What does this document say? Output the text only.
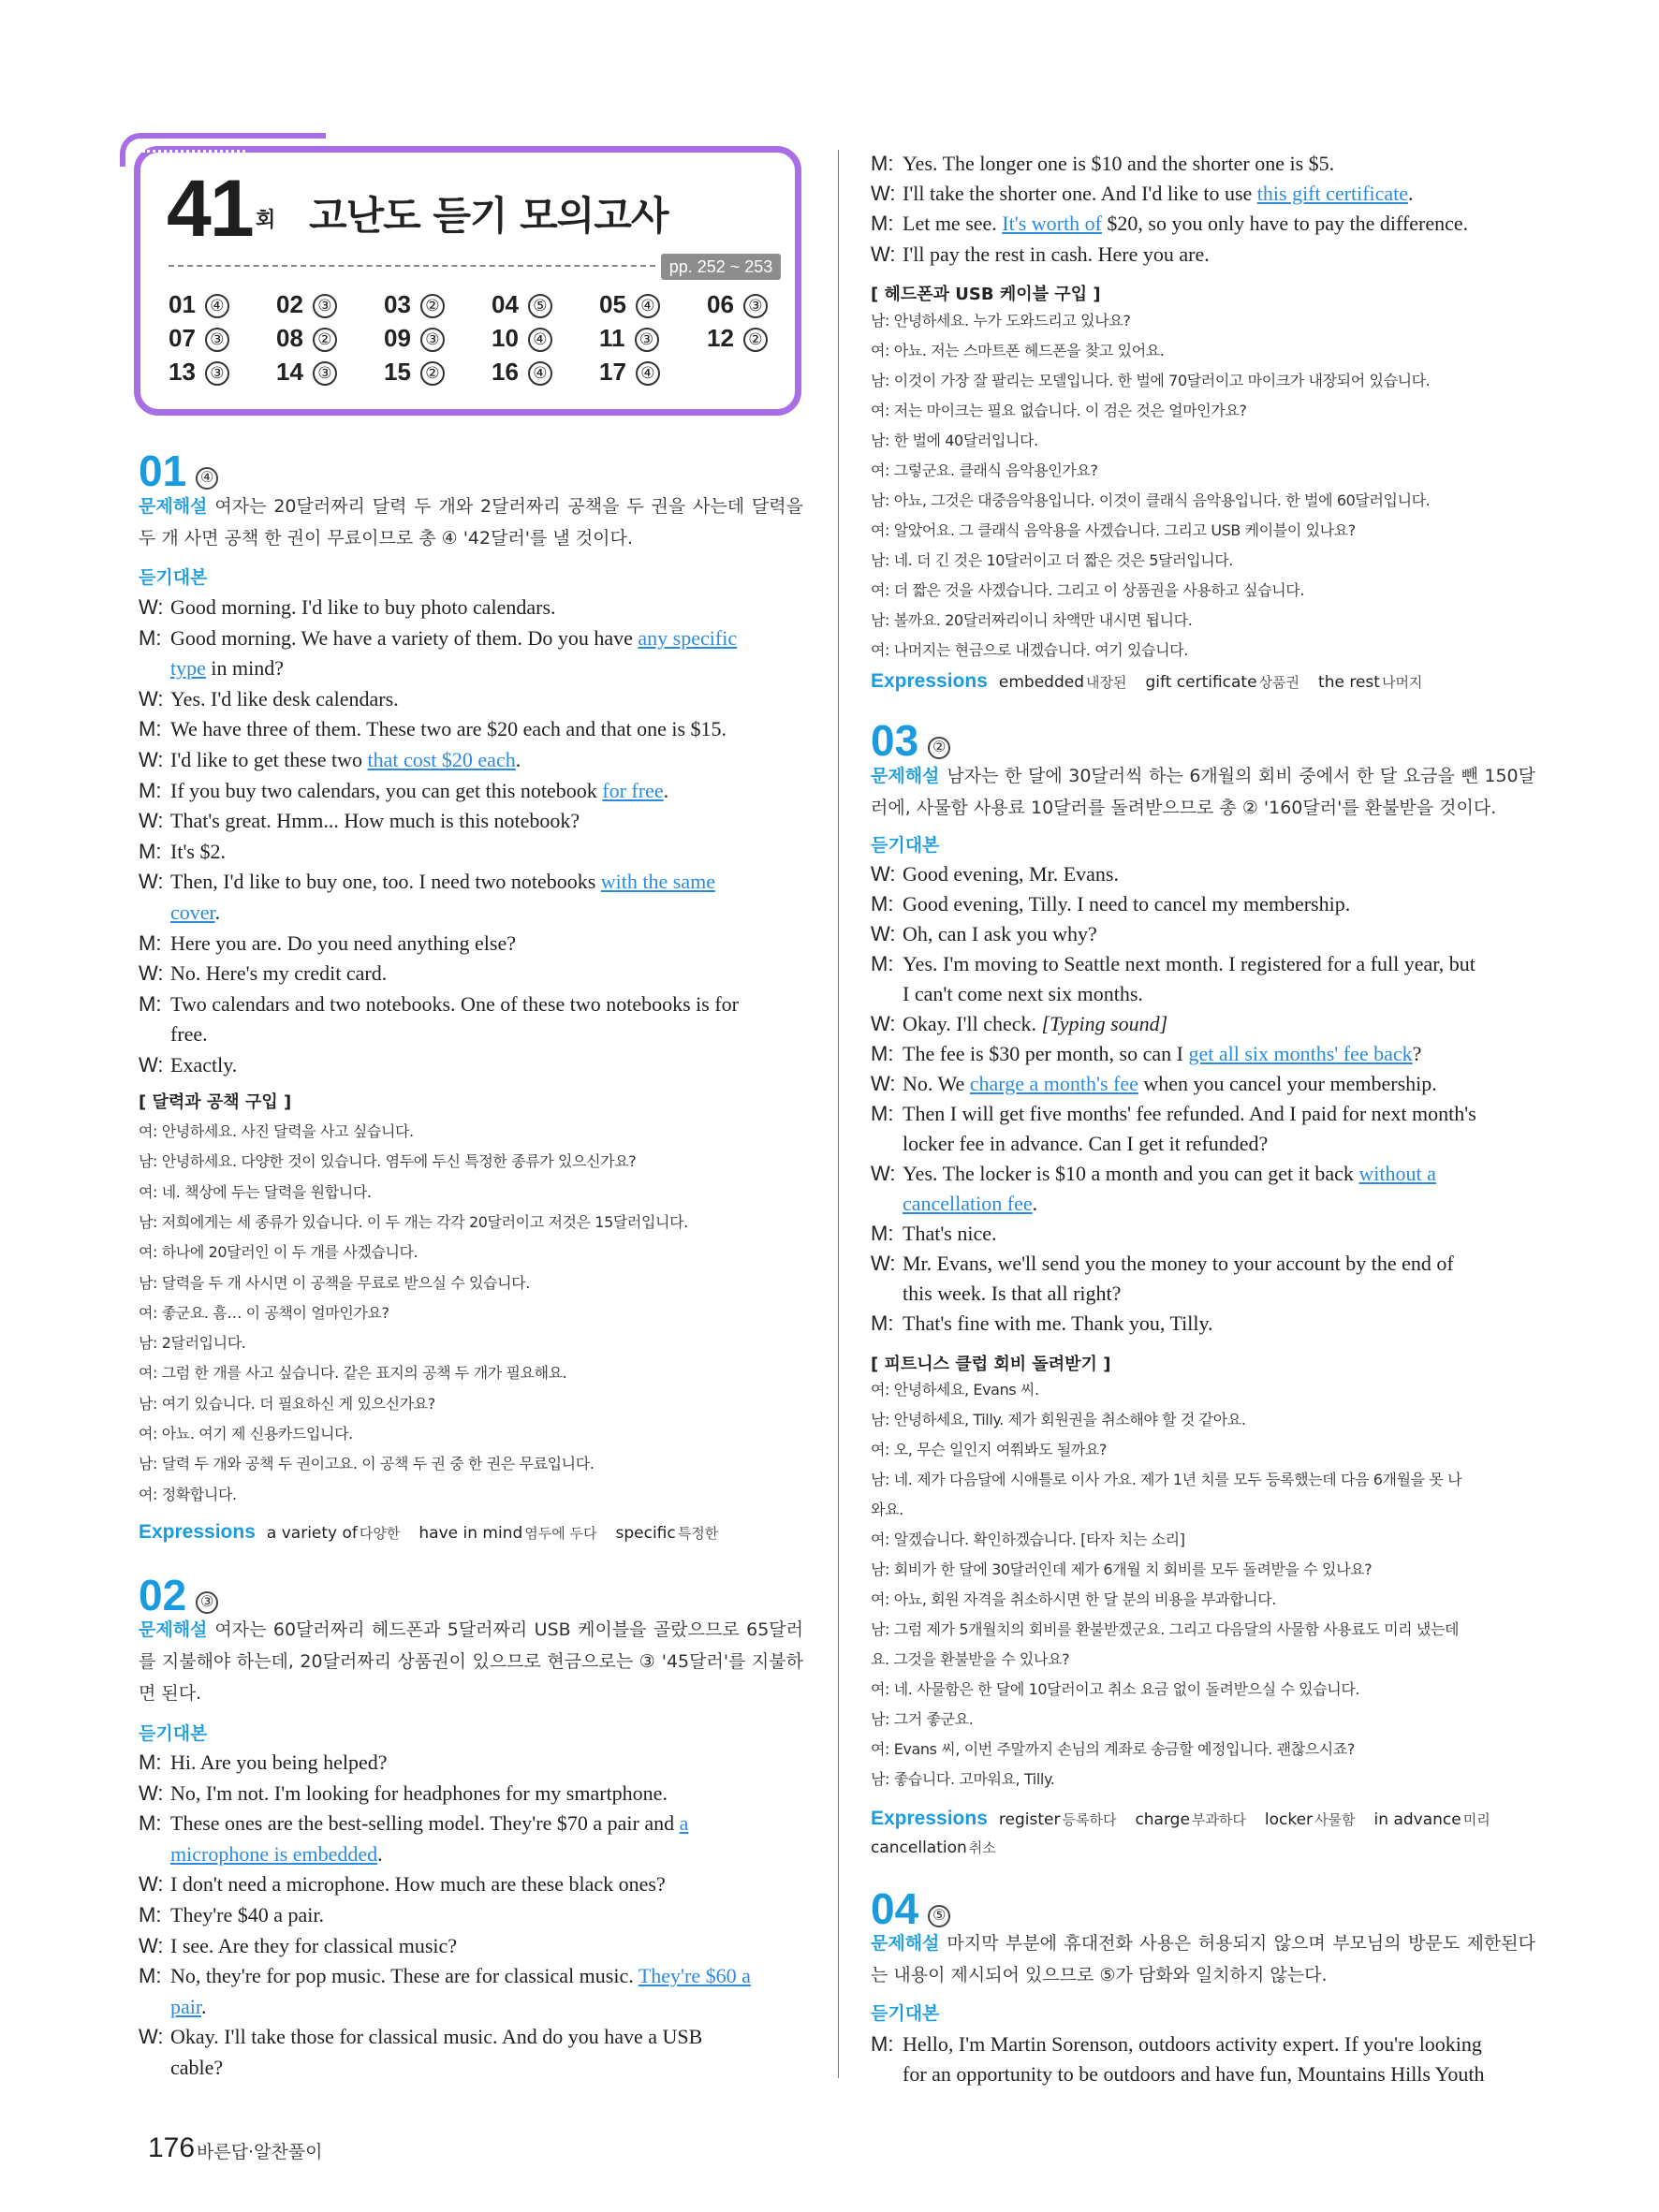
41 회 고난도 듣기 모의고사
pp. 252 ~ 253
01 ④ 02 ③ 03 ② 04 ⑤ 05 ④ 06 ③
07 ③ 08 ② 09 ③ 10 ④ 11 ③ 12 ②
13 ③ 14 ③ 15 ② 16 ④ 17 ④
01 ④
문제해설 여자는 20달러짜리 달력 두 개와 2달러짜리 공책을 두 권을 사는데 달력을 두 개 사면 공책 한 권이 무료이므로 총 ④ '42달러'를 낼 것이다.
듣기대본
W: Good morning. I'd like to buy photo calendars.
M: Good morning. We have a variety of them. Do you have any specific
type in mind?
W: Yes. I'd like desk calendars.
M: We have three of them. These two are $20 each and that one is $15.
W: I'd like to get these two that cost $20 each.
M: If you buy two calendars, you can get this notebook for free.
W: That's great. Hmm... How much is this notebook?
M: It's $2.
W: Then, I'd like to buy one, too. I need two notebooks with the same
cover.
M: Here you are. Do you need anything else?
W: No. Here's my credit card.
M: Two calendars and two notebooks. One of these two notebooks is for
free.
W: Exactly.
[ 달력과 공책 구입 ]
여: 안녕하세요. 사진 달력을 사고 싶습니다.
남: 안녕하세요. 다양한 것이 있습니다. 염두에 두신 특정한 종류가 있으신가요?
여: 네. 책상에 두는 달력을 원합니다.
남: 저희에게는 세 종류가 있습니다. 이 두 개는 각각 20달러이고 저것은 15달러입니다.
여: 하나에 20달러인 이 두 개를 사겠습니다.
남: 달력을 두 개 사시면 이 공책을 무료로 받으실 수 있습니다.
여: 좋군요. 흠… 이 공책이 얼마인가요?
남: 2달러입니다.
여: 그럼 한 개를 사고 싶습니다. 같은 표지의 공책 두 개가 필요해요.
남: 여기 있습니다. 더 필요하신 게 있으신가요?
여: 아뇨. 여기 제 신용카드입니다.
남: 달력 두 개와 공책 두 권이고요. 이 공책 두 권 중 한 권은 무료입니다.
여: 정확합니다.
Expressions a variety of 다양한 have in mind 염두에 두다 specific 특정한
02 ③
문제해설 여자는 60달러짜리 헤드폰과 5달러짜리 USB 케이블을 골랐으므로 65달러를 지불해야 하는데, 20달러짜리 상품권이 있으므로 현금으로는 ③ '45달러'를 지불하면 된다.
듣기대본
M: Hi. Are you being helped?
W: No, I'm not. I'm looking for headphones for my smartphone.
M: These ones are the best-selling model. They're $70 a pair and a
microphone is embedded.
W: I don't need a microphone. How much are these black ones?
M: They're $40 a pair.
W: I see. Are they for classical music?
M: No, they're for pop music. These are for classical music. They're $60 a
pair.
W: Okay. I'll take those for classical music. And do you have a USB
cable?
M: Yes. The longer one is $10 and the shorter one is $5.
W: I'll take the shorter one. And I'd like to use this gift certificate.
M: Let me see. It's worth of $20, so you only have to pay the difference.
W: I'll pay the rest in cash. Here you are.
[ 헤드폰과 USB 케이블 구입 ]
남: 안녕하세요. 누가 도와드리고 있나요?
여: 아뇨. 저는 스마트폰 헤드폰을 찾고 있어요.
남: 이것이 가장 잘 팔리는 모델입니다. 한 벌에 70달러이고 마이크가 내장되어 있습니다.
여: 저는 마이크는 필요 없습니다. 이 검은 것은 얼마인가요?
남: 한 벌에 40달러입니다.
여: 그렇군요. 클래식 음악용인가요?
남: 아뇨, 그것은 대중음악용입니다. 이것이 클래식 음악용입니다. 한 벌에 60달러입니다.
여: 알았어요. 그 클래식 음악용을 사겠습니다. 그리고 USB 케이블이 있나요?
남: 네. 더 긴 것은 10달러이고 더 짧은 것은 5달러입니다.
여: 더 짧은 것을 사겠습니다. 그리고 이 상품권을 사용하고 싶습니다.
남: 볼까요. 20달러짜리이니 차액만 내시면 됩니다.
여: 나머지는 현금으로 내겠습니다. 여기 있습니다.
Expressions embedded 내장된 gift certificate 상품권 the rest 나머지
03 ②
문제해설 남자는 한 달에 30달러씩 하는 6개월의 회비 중에서 한 달 요금을 뺀 150달러에, 사물함 사용료 10달러를 돌려받으므로 총 ② '160달러'를 환불받을 것이다.
듣기대본
W: Good evening, Mr. Evans.
M: Good evening, Tilly. I need to cancel my membership.
W: Oh, can I ask you why?
M: Yes. I'm moving to Seattle next month. I registered for a full year, but
I can't come next six months.
W: Okay. I'll check. [Typing sound]
M: The fee is $30 per month, so can I get all six months' fee back?
W: No. We charge a month's fee when you cancel your membership.
M: Then I will get five months' fee refunded. And I paid for next month's
locker fee in advance. Can I get it refunded?
W: Yes. The locker is $10 a month and you can get it back without a
cancellation fee.
M: That's nice.
W: Mr. Evans, we'll send you the money to your account by the end of
this week. Is that all right?
M: That's fine with me. Thank you, Tilly.
[ 피트니스 클럽 회비 돌려받기 ]
여: 안녕하세요, Evans 씨.
남: 안녕하세요, Tilly. 제가 회원권을 취소해야 할 것 같아요.
여: 오, 무슨 일인지 여쭤봐도 될까요?
남: 네. 제가 다음달에 시애틀로 이사 가요. 제가 1년 치를 모두 등록했는데 다음 6개월을 못 나
와요.
여: 알겠습니다. 확인하겠습니다. [타자 치는 소리]
남: 회비가 한 달에 30달러인데 제가 6개월 치 회비를 모두 돌려받을 수 있나요?
여: 아뇨, 회원 자격을 취소하시면 한 달 분의 비용을 부과합니다.
남: 그럼 제가 5개월치의 회비를 환불받겠군요. 그리고 다음달의 사물함 사용료도 미리 냈는데
요. 그것을 환불받을 수 있나요?
여: 네. 사물함은 한 달에 10달러이고 취소 요금 없이 돌려받으실 수 있습니다.
남: 그거 좋군요.
여: Evans 씨, 이번 주말까지 손님의 계좌로 송금할 예정입니다. 괜찮으시죠?
남: 좋습니다. 고마워요, Tilly.
Expressions register 등록하다 charge 부과하다 locker 사물함 in advance 미리cancellation 취소
04 ⑤
문제해설 마지막 부분에 휴대전화 사용은 허용되지 않으며 부모님의 방문도 제한된다는 내용이 제시되어 있으므로 ⑤가 담화와 일치하지 않는다.
듣기대본
M: Hello, I'm Martin Sorenson, outdoors activity expert. If you're looking
for an opportunity to be outdoors and have fun, Mountains Hills Youth
176 바른답·알찬풀이
